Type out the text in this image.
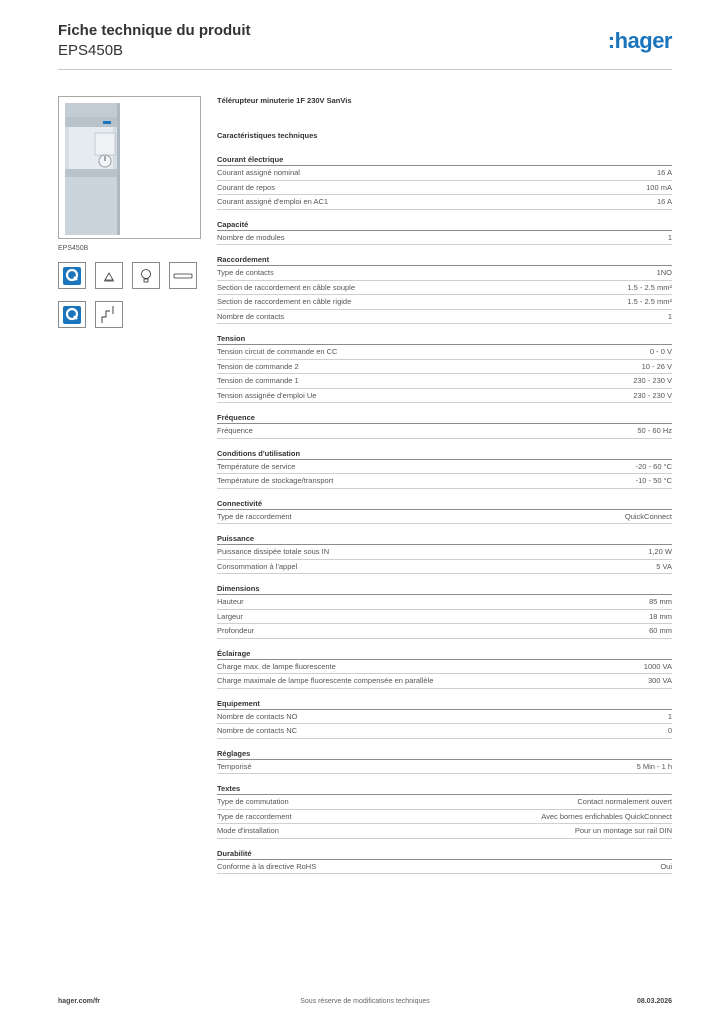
Fiche technique du produit
EPS450B	:hager
EPS450B
Télérupteur minuterie 1F 230V SanVis
Caractéristiques techniques
Courant électrique
Courant assigné nominal	16 A
Courant de repos	100 mA
Courant assigné d'emploi en AC1	16 A
Capacité
Nombre de modules	1
Raccordement
Type de contacts	1NO
Section de raccordement en câble souple	1.5 - 2.5 mm²
Section de raccordement en câble rigide	1.5 - 2.5 mm²
Nombre de contacts	1
Tension
Tension circuit de commande en CC	0 - 0 V
Tension de commande 2	10 - 26 V
Tension de commande 1	230 - 230 V
Tension assignée d'emploi Ue	230 - 230 V
Fréquence
Fréquence	50 - 60 Hz
Conditions d'utilisation
Température de service	-20 - 60 °C
Température de stockage/transport	-10 - 50 °C
Connectivité
Type de raccordement	QuickConnect
Puissance
Puissance dissipée totale sous IN	1,20 W
Consommation à l'appel	5 VA
Dimensions
Hauteur	85 mm
Largeur	18 mm
Profondeur	60 mm
Éclairage
Charge max. de lampe fluorescente	1000 VA
Charge maximale de lampe fluorescente compensée en parallèle	300 VA
Equipement
Nombre de contacts NO	1
Nombre de contacts NC	0
Réglages
Temporisé	5 Min - 1 h
Textes
Type de commutation	Contact normalement ouvert
Type de raccordement	Avec bornes enfichables QuickConnect
Mode d'installation	Pour un montage sur rail DIN
Durabilité
Conforme à la directive RoHS	Oui
hager.com/fr	Sous réserve de modifications techniques	08.03.2026
